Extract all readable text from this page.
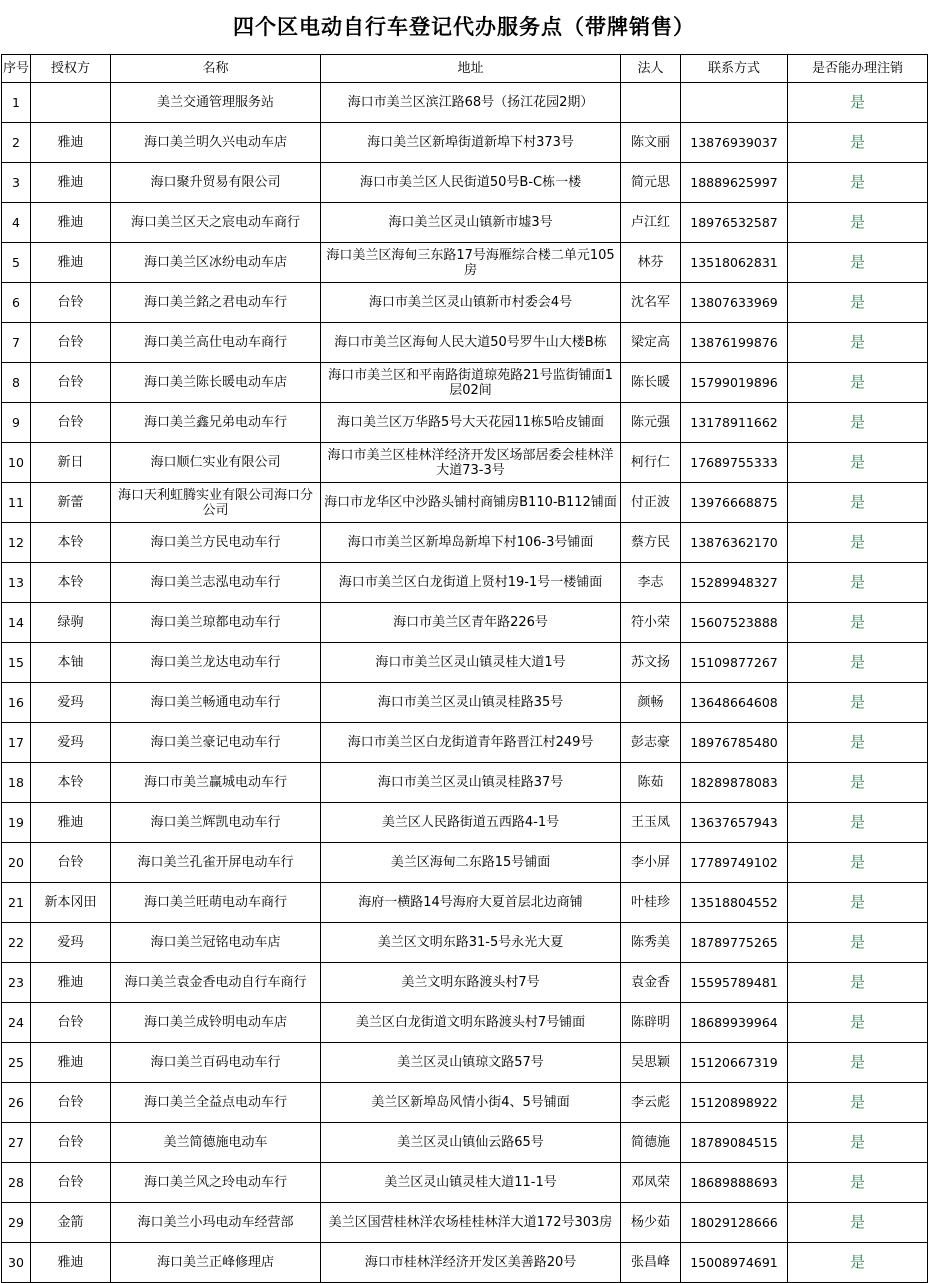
四个区电动自行车登记代办服务点（带牌销售）
序号	授权方	名称	地址	法人	联系方式	是否能办理注销
1		美兰交通管理服务站	海口市美兰区滨江路68号（扬江花园2期）			是
2	雅迪	海口美兰明久兴电动车店	海口美兰区新埠街道新埠下村373号	陈文丽	13876939037	是
3	雅迪	海口聚升贸易有限公司	海口市美兰区人民街道50号B-C栋一楼	简元思	18889625997	是
4	雅迪	海口美兰区天之宸电动车商行	海口美兰区灵山镇新市墟3号	卢江红	18976532587	是
5	雅迪	海口美兰区冰纷电动车店	海口美兰区海甸三东路17号海雁综合楼二单元105房	林芬	13518062831	是
6	台铃	海口美兰銘之君电动车行	海口市美兰区灵山镇新市村委会4号	沈名军	13807633969	是
7	台铃	海口美兰高仕电动车商行	海口市美兰区海甸人民大道50号罗牛山大楼B栋	梁定高	13876199876	是
8	台铃	海口美兰陈长暖电动车店	海口市美兰区和平南路街道琼苑路21号监街铺面1层02间	陈长暖	15799019896	是
9	台铃	海口美兰鑫兄弟电动车行	海口美兰区万华路5号大天花园11栋5哈皮铺面	陈元强	13178911662	是
10	新日	海口顺仁实业有限公司	海口市美兰区桂林洋经济开发区场部居委会桂林洋大道73-3号	柯行仁	17689755333	是
11	新蕾	海口天利虹腾实业有限公司海口分公司	海口市龙华区中沙路头铺村商铺房B110-B112铺面	付正波	13976668875	是
12	本铃	海口美兰方民电动车行	海口市美兰区新埠岛新埠下村106-3号铺面	蔡方民	13876362170	是
13	本铃	海口美兰志泓电动车行	海口市美兰区白龙街道上贤村19-1号一楼铺面	李志	15289948327	是
14	绿驹	海口美兰琼都电动车行	海口市美兰区青年路226号	符小荣	15607523888	是
15	本铀	海口美兰龙达电动车行	海口市美兰区灵山镇灵桂大道1号	苏文扬	15109877267	是
16	爱玛	海口美兰畅通电动车行	海口市美兰区灵山镇灵桂路35号	颜畅	13648664608	是
17	爱玛	海口美兰豪记电动车行	海口市美兰区白龙街道青年路晋江村249号	彭志豪	18976785480	是
18	本铃	海口市美兰赢城电动车行	海口市美兰区灵山镇灵桂路37号	陈茹	18289878083	是
19	雅迪	海口美兰辉凯电动车行	美兰区人民路街道五西路4-1号	王玉凤	13637657943	是
20	台铃	海口美兰孔雀开屏电动车行	美兰区海甸二东路15号铺面	李小屏	17789749102	是
21	新本冈田	海口美兰旺萌电动车商行	海府一横路14号海府大夏首层北边商铺	叶桂珍	13518804552	是
22	爱玛	海口美兰冠铭电动车店	美兰区文明东路31-5号永光大夏	陈秀美	18789775265	是
23	雅迪	海口美兰袁金香电动自行车商行	美兰文明东路渡头村7号	袁金香	15595789481	是
24	台铃	海口美兰成铃明电动车店	美兰区白龙街道文明东路渡头村7号铺面	陈辟明	18689939964	是
25	雅迪	海口美兰百码电动车行	美兰区灵山镇琼文路57号	吴思颖	15120667319	是
26	台铃	海口美兰全益点电动车行	美兰区新埠岛风情小街4、5号铺面	李云彪	15120898922	是
27	台铃	美兰简德施电动车	美兰区灵山镇仙云路65号	简德施	18789084515	是
28	台铃	海口美兰风之玲电动车行	美兰区灵山镇灵桂大道11-1号	邓凤荣	18689888693	是
29	金箭	海口美兰小玛电动车经营部	美兰区国营桂林洋农场桂桂林洋大道172号303房	杨少茹	18029128666	是
30	雅迪	海口美兰正峰修理店	海口市桂林洋经济开发区美善路20号	张昌峰	15008974691	是
